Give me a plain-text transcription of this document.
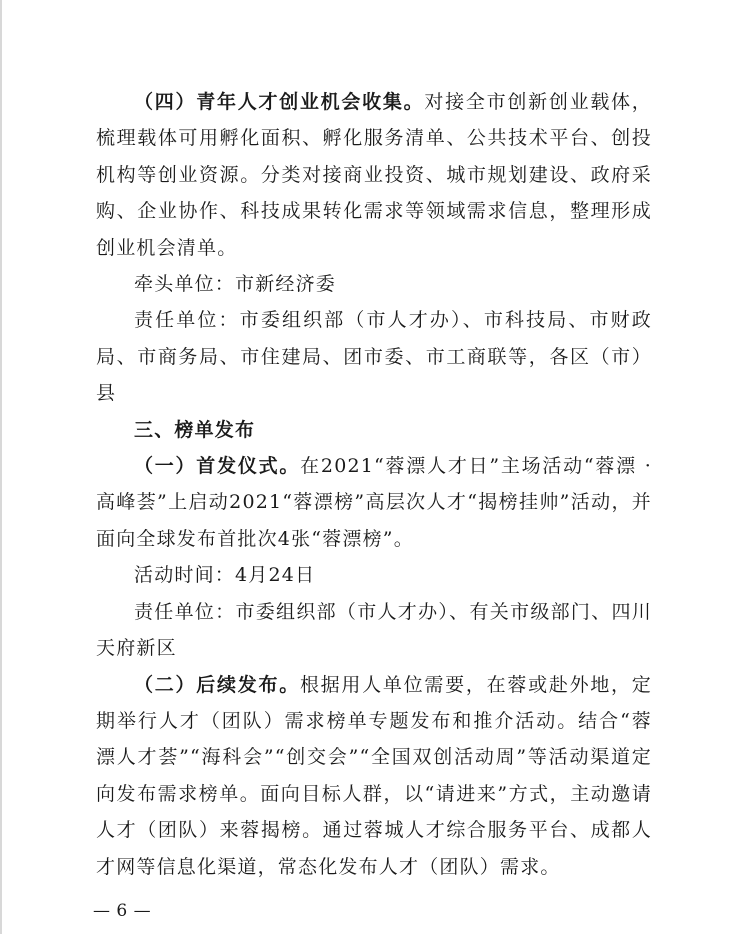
（四）青年人才创业机会收集。对接全市创新创业载体，梳理载体可用孵化面积、孵化服务清单、公共技术平台、创投机构等创业资源。分类对接商业投资、城市规划建设、政府采购、企业协作、科技成果转化需求等领域需求信息，整理形成创业机会清单。

牵头单位：市新经济委

责任单位：市委组织部（市人才办）、市科技局、市财政局、市商务局、市住建局、团市委、市工商联等，各区（市）县

三、榜单发布

（一）首发仪式。在2021“蓉漂人才日”主场活动“蓉漂 ·高峰荟”上启动2021“蓉漂榜”高层次人才“揭榜挂帅”活动，并面向全球发布首批次4张“蓉漂榜”。

活动时间：4月24日

责任单位：市委组织部（市人才办）、有关市级部门、四川天府新区

（二）后续发布。根据用人单位需要，在蓉或赴外地，定期举行人才（团队）需求榜单专题发布和推介活动。结合“蓉漂人才荟”“海科会”“创交会”“全国双创活动周”等活动渠道定向发布需求榜单。面向目标人群，以“请进来”方式，主动邀请人才（团队）来蓉揭榜。通过蓉城人才综合服务平台、成都人才网等信息化渠道，常态化发布人才（团队）需求。

— 6 —
